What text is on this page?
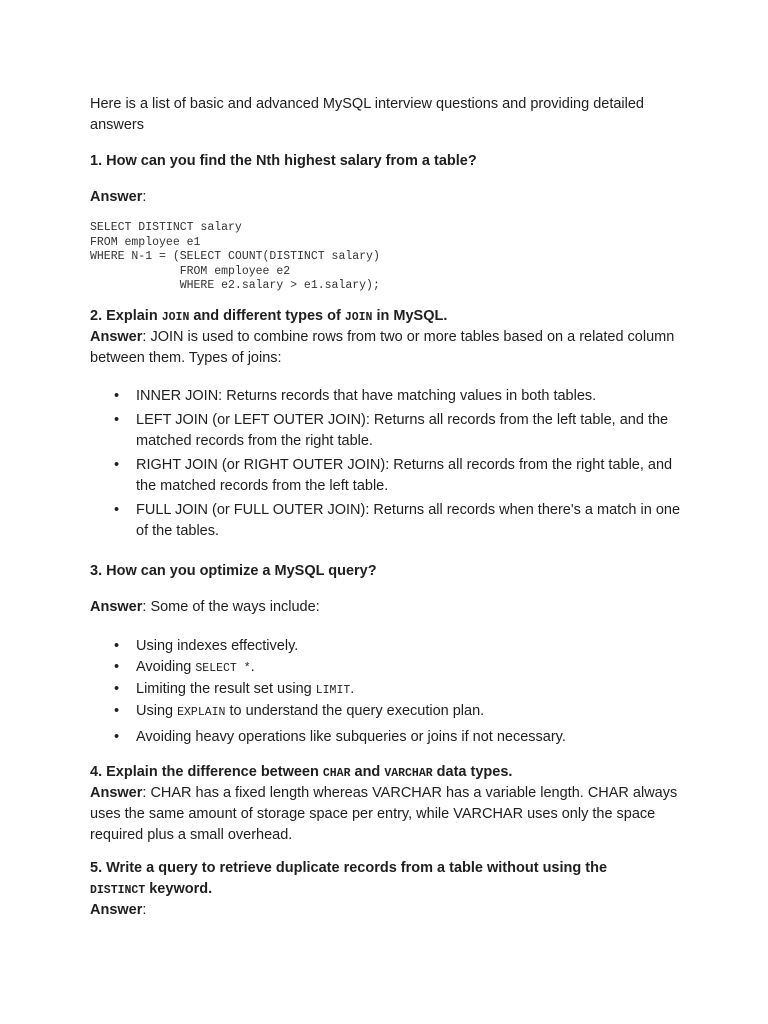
Here is a list of basic and advanced MySQL interview questions and providing detailed answers

1. How can you find the Nth highest salary from a table?

Answer:

SELECT DISTINCT salary
FROM employee e1
WHERE N-1 = (SELECT COUNT(DISTINCT salary)
FROM employee e2
WHERE e2.salary > e1.salary);

2. Explain JOIN and different types of JOIN in MySQL.

Answer: JOIN is used to combine rows from two or more tables based on a related column between them. Types of joins:

• INNER JOIN: Returns records that have matching values in both tables.
• LEFT JOIN (or LEFT OUTER JOIN): Returns all records from the left table, and the matched records from the right table.
• RIGHT JOIN (or RIGHT OUTER JOIN): Returns all records from the right table, and the matched records from the left table.
• FULL JOIN (or FULL OUTER JOIN): Returns all records when there's a match in one of the tables.

3. How can you optimize a MySQL query?

Answer: Some of the ways include:

• Using indexes effectively.
• Avoiding SELECT *.
• Limiting the result set using LIMIT.
• Using EXPLAIN to understand the query execution plan.
• Avoiding heavy operations like subqueries or joins if not necessary.

4. Explain the difference between CHAR and VARCHAR data types.

Answer: CHAR has a fixed length whereas VARCHAR has a variable length. CHAR always uses the same amount of storage space per entry, while VARCHAR uses only the space required plus a small overhead.

5. Write a query to retrieve duplicate records from a table without using the DISTINCT keyword.

Answer:
